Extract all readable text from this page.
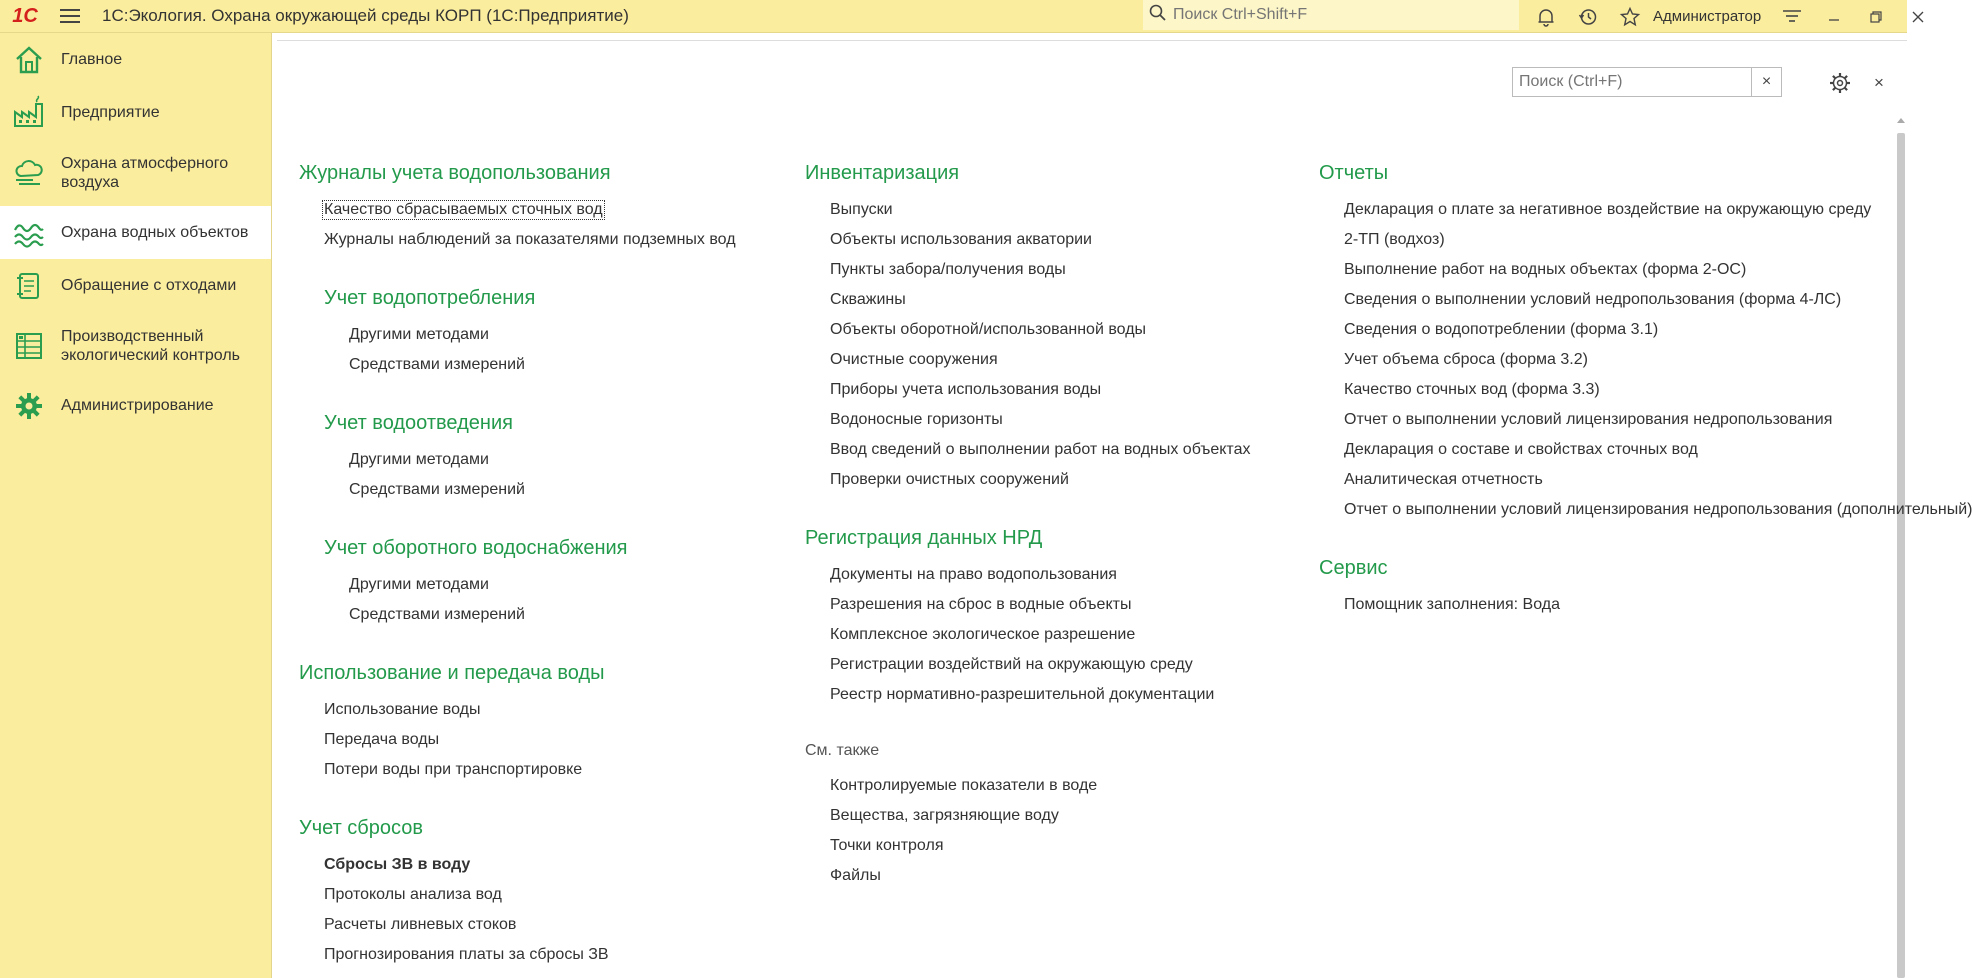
1С	1С:Экология. Охрана окружающей среды КОРП (1С:Предприятие)
Поиск Ctrl+Shift+F	Администратор
Главное
Предприятие
Охрана атмосферного воздуха
Охрана водных объектов
Обращение с отходами
Производственный экологический контроль
Администрирование
Поиск (Ctrl+F)
×	×
Журналы учета водопользования
Качество сбрасываемых сточных вод
Журналы наблюдений за показателями подземных вод
Учет водопотребления
Другими методами
Средствами измерений
Учет водоотведения
Другими методами
Средствами измерений
Учет оборотного водоснабжения
Другими методами
Средствами измерений
Использование и передача воды
Использование воды
Передача воды
Потери воды при транспортировке
Учет сбросов
Сбросы ЗВ в воду
Протоколы анализа вод
Расчеты ливневых стоков
Прогнозирования платы за сбросы ЗВ
Инвентаризация
Выпуски
Объекты использования акватории
Пункты забора/получения воды
Скважины
Объекты оборотной/использованной воды
Очистные сооружения
Приборы учета использования воды
Водоносные горизонты
Ввод сведений о выполнении работ на водных объектах
Проверки очистных сооружений
Регистрация данных НРД
Документы на право водопользования
Разрешения на сброс в водные объекты
Комплексное экологическое разрешение
Регистрации воздействий на окружающую среду
Реестр нормативно-разрешительной документации
См. также
Контролируемые показатели в воде
Вещества, загрязняющие воду
Точки контроля
Файлы
Отчеты
Декларация о плате за негативное воздействие на окружающую среду
2-ТП (водхоз)
Выполнение работ на водных объектах (форма 2-ОС)
Сведения о выполнении условий недропользования (форма 4-ЛС)
Сведения о водопотреблении (форма 3.1)
Учет объема сброса (форма 3.2)
Качество сточных вод (форма 3.3)
Отчет о выполнении условий лицензирования недропользования
Декларация о составе и свойствах сточных вод
Аналитическая отчетность
Отчет о выполнении условий лицензирования недропользования (дополнительный)
Сервис
Помощник заполнения: Вода
